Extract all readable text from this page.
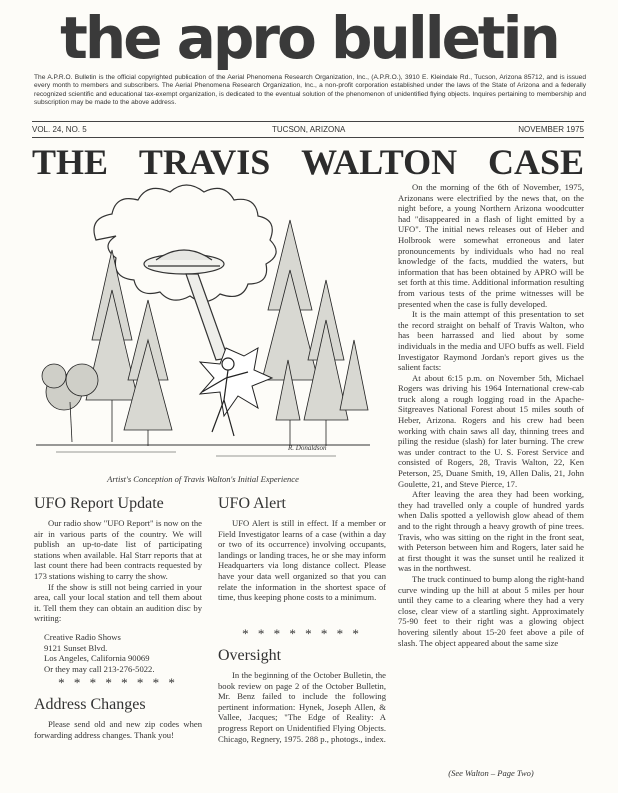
the apro bulletin
The A.P.R.O. Bulletin is the official copyrighted publication of the Aerial Phenomena Research Organization, Inc., (A.P.R.O.), 3910 E. Kleindale Rd., Tucson, Arizona 85712, and is issued every month to members and subscribers. The Aerial Phenomena Research Organization, Inc., a non-profit corporation established under the laws of the State of Arizona and a federally recognized scientific and educational tax-exempt organization, is dedicated to the eventual solution of the phenomenon of unidentified flying objects. Inquires pertaining to membership and subscription may be made to the above address.
VOL. 24, NO. 5	TUCSON, ARIZONA	NOVEMBER 1975
THE TRAVIS WALTON CASE
R. Donaldson
Artist's Conception of Travis Walton's Initial Experience

On the morning of the 6th of November, 1975, Arizonans were electrified by the news that, on the night before, a young Northern Arizona woodcutter had "disappeared in a flash of light emitted by a UFO". The initial news releases out of Heber and Holbrook were somewhat erroneous and later pronouncements by individuals who had no real knowledge of the facts, muddied the waters, but information that has been obtained by APRO will be set forth at this time. Additional information resulting from various tests of the prime witnesses will be presented when the case is fully developed.

It is the main attempt of this presentation to set the record straight on behalf of Travis Walton, who has been harrassed and lied about by some individuals in the media and UFO buffs as well. Field Investigator Raymond Jordan's report gives us the salient facts:

At about 6:15 p.m. on November 5th, Michael Rogers was driving his 1964 International crew-cab truck along a rough logging road in the Apache-Sitgreaves National Forest about 15 miles south of Heber, Arizona. Rogers and his crew had been working with chain saws all day, thinning trees and piling the residue (slash) for later burning. The crew was under contract to the U. S. Forest Service and consisted of Rogers, 28, Travis Walton, 22, Ken Peterson, 25, Duane Smith, 19, Allen Dalis, 21, John Goulette, 21, and Steve Pierce, 17.

After leaving the area they had been working, they had travelled only a couple of hundred yards when Dalis spotted a yellowish glow ahead of them and to the right through a heavy growth of pine trees. Travis, who was sitting on the right in the front seat, with Peterson between him and Rogers, later said he at first thought it was the sunset until he realized it was in the northwest.

The truck continued to bump along the right-hand curve winding up the hill at about 5 miles per hour until they came to a clearing where they had a very close, clear view of a startling sight. Approximately 75-90 feet to their right was a glowing object hovering silently about 15-20 feet above a pile of slash. The object appeared about the same size

(See Walton – Page Two)
UFO Report Update

Our radio show "UFO Report" is now on the air in various parts of the country. We will publish an up-to-date list of participating stations when available. Hal Starr reports that at last count there had been contracts requested by 173 stations wishing to carry the show.

If the show is still not being carried in your area, call your local station and tell them about it. Tell them they can obtain an audition disc by writing:

Creative Radio Shows
9121 Sunset Blvd.
Los Angeles, California 90069
Or they may call 213-276-5022.
* * * * * * * *
Address Changes

Please send old and new zip codes when forwarding address changes. Thank you!

UFO Alert

UFO Alert is still in effect. If a member or Field Investigator learns of a case (within a day or two of its occurrence) involving occupants, landings or landing traces, he or she may inform Headquarters via long distance collect. Please have your data well organized so that you can relate the information in the shortest space of time, thus keeping phone costs to a minimum.

* * * * * * * *
Oversight

In the beginning of the October Bulletin, the book review on page 2 of the October Bulletin, Mr. Benz failed to include the following pertinent information: Hynek, Joseph Allen, & Vallee, Jacques; "The Edge of Reality: A progress Report on Unidentified Flying Objects. Chicago, Regnery, 1975. 288 p., photogs., index.
